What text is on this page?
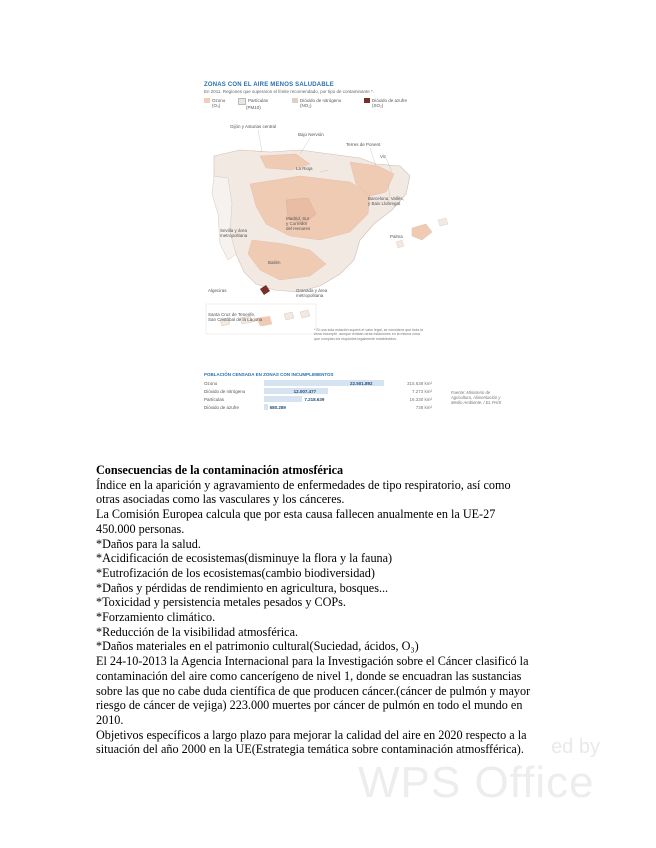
ZONAS CON EL AIRE MENOS SALUDABLE
En 2011. Regiones que superaron el límite recomendado, por tipo de contaminante *.
Ozono
(O₃)
Partículas
(PM10)
Dióxido de nitrógeno
(NO₂)
Dióxido de azufre
(SO₂)
Gijón y Asturias central
Bajo Nervión
Terres de Ponent
Vic
La Rioja
Barcelona, Vallès,
y Baix Llobregat
Madrid, Sur
y Corredor
del Henares
Sevilla y área
metropolitana	Palma
Bailén
Algeciras	Granada y área
metropolitana
Santa Cruz de Tenerife,
San Cristóbal de la Laguna
* Si una sola estación supera el valor legal, se considera que toda la zona incumple, aunque existan otras estaciones en la misma zona que cumplan los requisitos legalmente establecidos.
POBLACIÓN CENSADA EN ZONAS CON INCUMPLIMIENTOS
Ozono	22.501.892	315.638 km²
Dióxido de nitrógeno	12.007.477	7.273 km²
Partículas	7.218.639	16.330 km²
Dióxido de azufre	580.289	738 km²
Fuente: Ministerio de Agricultura, Alimentación y Medio Ambiente. / EL PAÍS
Consecuencias de la contaminación atmosférica
Índice en la aparición y agravamiento de enfermedades de tipo respiratorio, así como
otras asociadas como las vasculares y los cánceres.
La Comisión Europea calcula que por esta causa fallecen anualmente en la UE-27
450.000 personas.
*Daños para la salud.
*Acidificación de ecosistemas(disminuye la flora y la fauna)
*Eutrofización de los ecosistemas(cambio biodiversidad)
*Daños y pérdidas de rendimiento en agricultura, bosques...
*Toxicidad y persistencia metales pesados y COPs.
*Forzamiento climático.
*Reducción de la visibilidad atmosférica.
*Daños materiales en el patrimonio cultural(Suciedad, ácidos, O₃)
El 24-10-2013 la Agencia Internacional para la Investigación sobre el Cáncer clasificó la
contaminación del aire como cancerígeno de nivel 1, donde se encuadran las sustancias
sobre las que no cabe duda científica de que producen cáncer.(cáncer de pulmón y mayor
riesgo de cáncer de vejiga) 223.000 muertes por cáncer de pulmón en todo el mundo en
2010.
Objetivos específicos a largo plazo para mejorar la calidad del aire en 2020 respecto a la
situación del año 2000 en la UE(Estrategia temática sobre contaminación atmosfférica).	ed by
WPS Office
